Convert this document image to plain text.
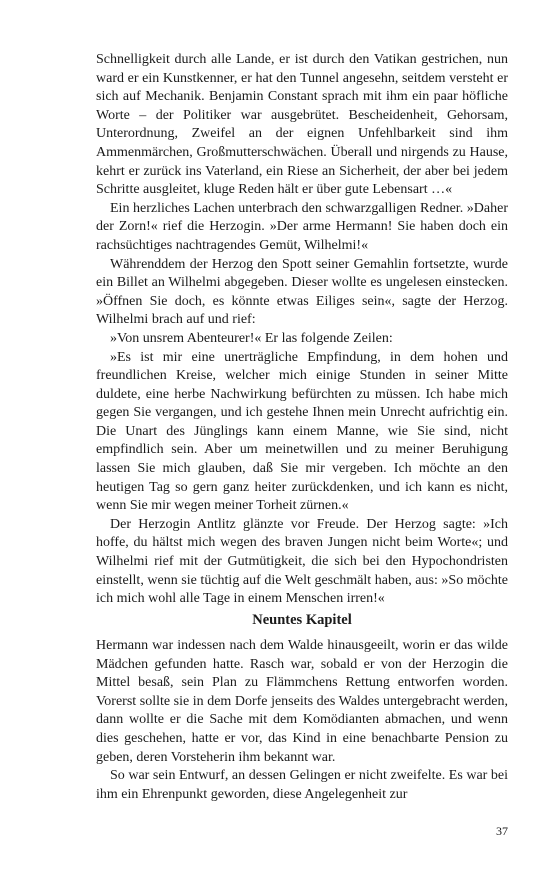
Schnelligkeit durch alle Lande, er ist durch den Vatikan gestrichen, nun ward er ein Kunstkenner, er hat den Tunnel angesehn, seitdem versteht er sich auf Mechanik. Benjamin Constant sprach mit ihm ein paar höfliche Worte – der Politiker war ausgebrütet. Bescheidenheit, Gehorsam, Unterordnung, Zweifel an der eignen Unfehlbarkeit sind ihm Ammenmärchen, Großmutterschwächen. Überall und nirgends zu Hause, kehrt er zurück ins Vaterland, ein Riese an Sicherheit, der aber bei jedem Schritte ausgleitet, kluge Reden hält er über gute Lebensart …«

Ein herzliches Lachen unterbrach den schwarzgalligen Redner. »Daher der Zorn!« rief die Herzogin. »Der arme Hermann! Sie haben doch ein rachsüchtiges nachtragendes Gemüt, Wilhelmi!«

Währenddem der Herzog den Spott seiner Gemahlin fortsetzte, wurde ein Billet an Wilhelmi abgegeben. Dieser wollte es ungelesen einstecken. »Öffnen Sie doch, es könnte etwas Eiliges sein«, sagte der Herzog. Wilhelmi brach auf und rief:

»Von unsrem Abenteurer!« Er las folgende Zeilen:

»Es ist mir eine unerträgliche Empfindung, in dem hohen und freundlichen Kreise, welcher mich einige Stunden in seiner Mitte duldete, eine herbe Nachwirkung befürchten zu müssen. Ich habe mich gegen Sie vergangen, und ich gestehe Ihnen mein Unrecht aufrichtig ein. Die Unart des Jünglings kann einem Manne, wie Sie sind, nicht empfindlich sein. Aber um meinetwillen und zu meiner Beruhigung lassen Sie mich glauben, daß Sie mir vergeben. Ich möchte an den heutigen Tag so gern ganz heiter zurückdenken, und ich kann es nicht, wenn Sie mir wegen meiner Torheit zürnen.«

Der Herzogin Antlitz glänzte vor Freude. Der Herzog sagte: »Ich hoffe, du hältst mich wegen des braven Jungen nicht beim Worte«; und Wilhelmi rief mit der Gutmütigkeit, die sich bei den Hypochondristen einstellt, wenn sie tüchtig auf die Welt geschmält haben, aus: »So möchte ich mich wohl alle Tage in einem Menschen irren!«

Neuntes Kapitel

Hermann war indessen nach dem Walde hinausgeeilt, worin er das wilde Mädchen gefunden hatte. Rasch war, sobald er von der Herzogin die Mittel besaß, sein Plan zu Flämmchens Rettung entworfen worden. Vorerst sollte sie in dem Dorfe jenseits des Waldes untergebracht werden, dann wollte er die Sache mit dem Komödianten abmachen, und wenn dies geschehen, hatte er vor, das Kind in eine benachbarte Pension zu geben, deren Vorsteherin ihm bekannt war.

So war sein Entwurf, an dessen Gelingen er nicht zweifelte. Es war bei ihm ein Ehrenpunkt geworden, diese Angelegenheit zur

37
